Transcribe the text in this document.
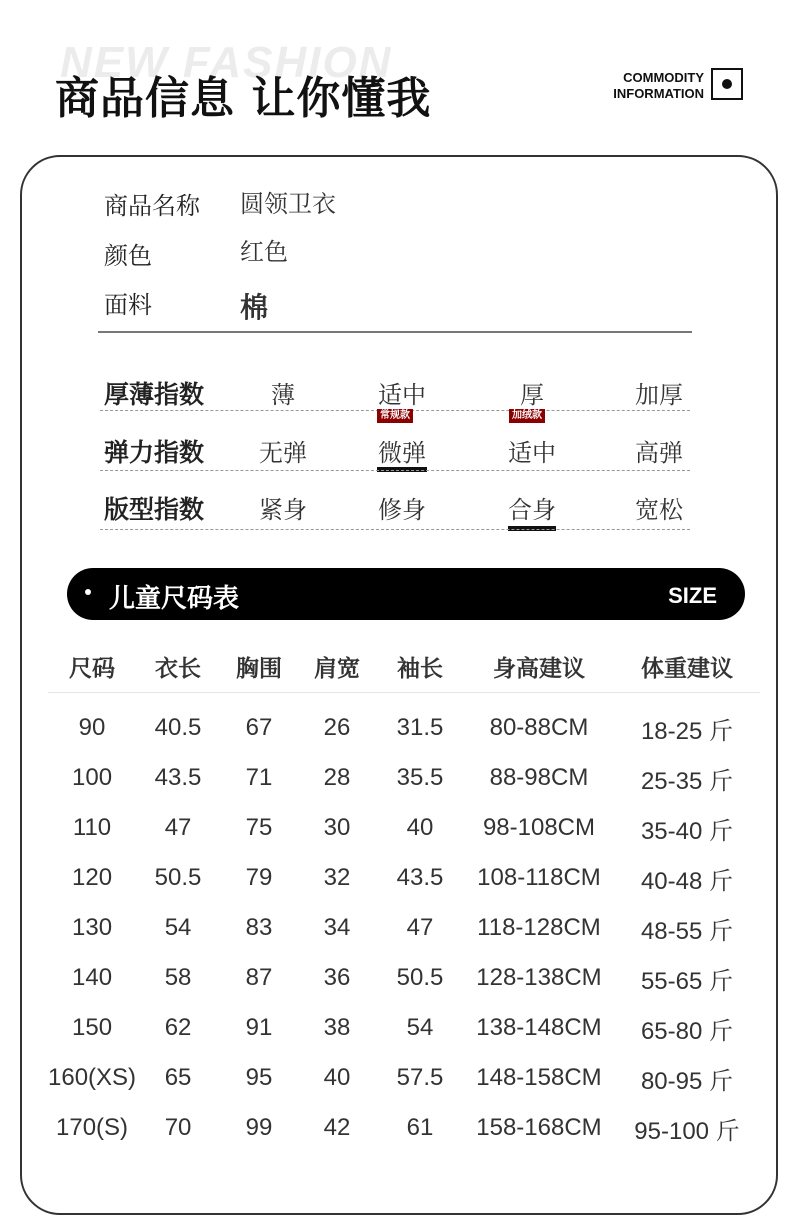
NEW FASHION
商品信息 让你懂我	COMMODITY
INFORMATION
商品名称 圆领卫衣
颜色	红色
面料	棉
厚薄指数	薄	适中	厚	加厚
常规款	加绒款
弹力指数	无弹	微弹	适中	高弹
版型指数	紧身	修身	合身	宽松
儿童尺码表	SIZE
尺码	衣长	胸围	肩宽	袖长	身高建议	体重建议
90	40.5	67	26	31.5	80-88CM	18-25 斤
100	43.5	71	28	35.5	88-98CM	25-35 斤
110	47	75	30	40	98-108CM	35-40 斤
120	50.5	79	32	43.5	108-118CM	40-48 斤
130	54	83	34	47	118-128CM	48-55 斤
140	58	87	36	50.5	128-138CM	55-65 斤
150	62	91	38	54	138-148CM	65-80 斤
160(XS)	65	95	40	57.5	148-158CM	80-95 斤
170(S)	70	99	42	61	158-168CM	95-100 斤
